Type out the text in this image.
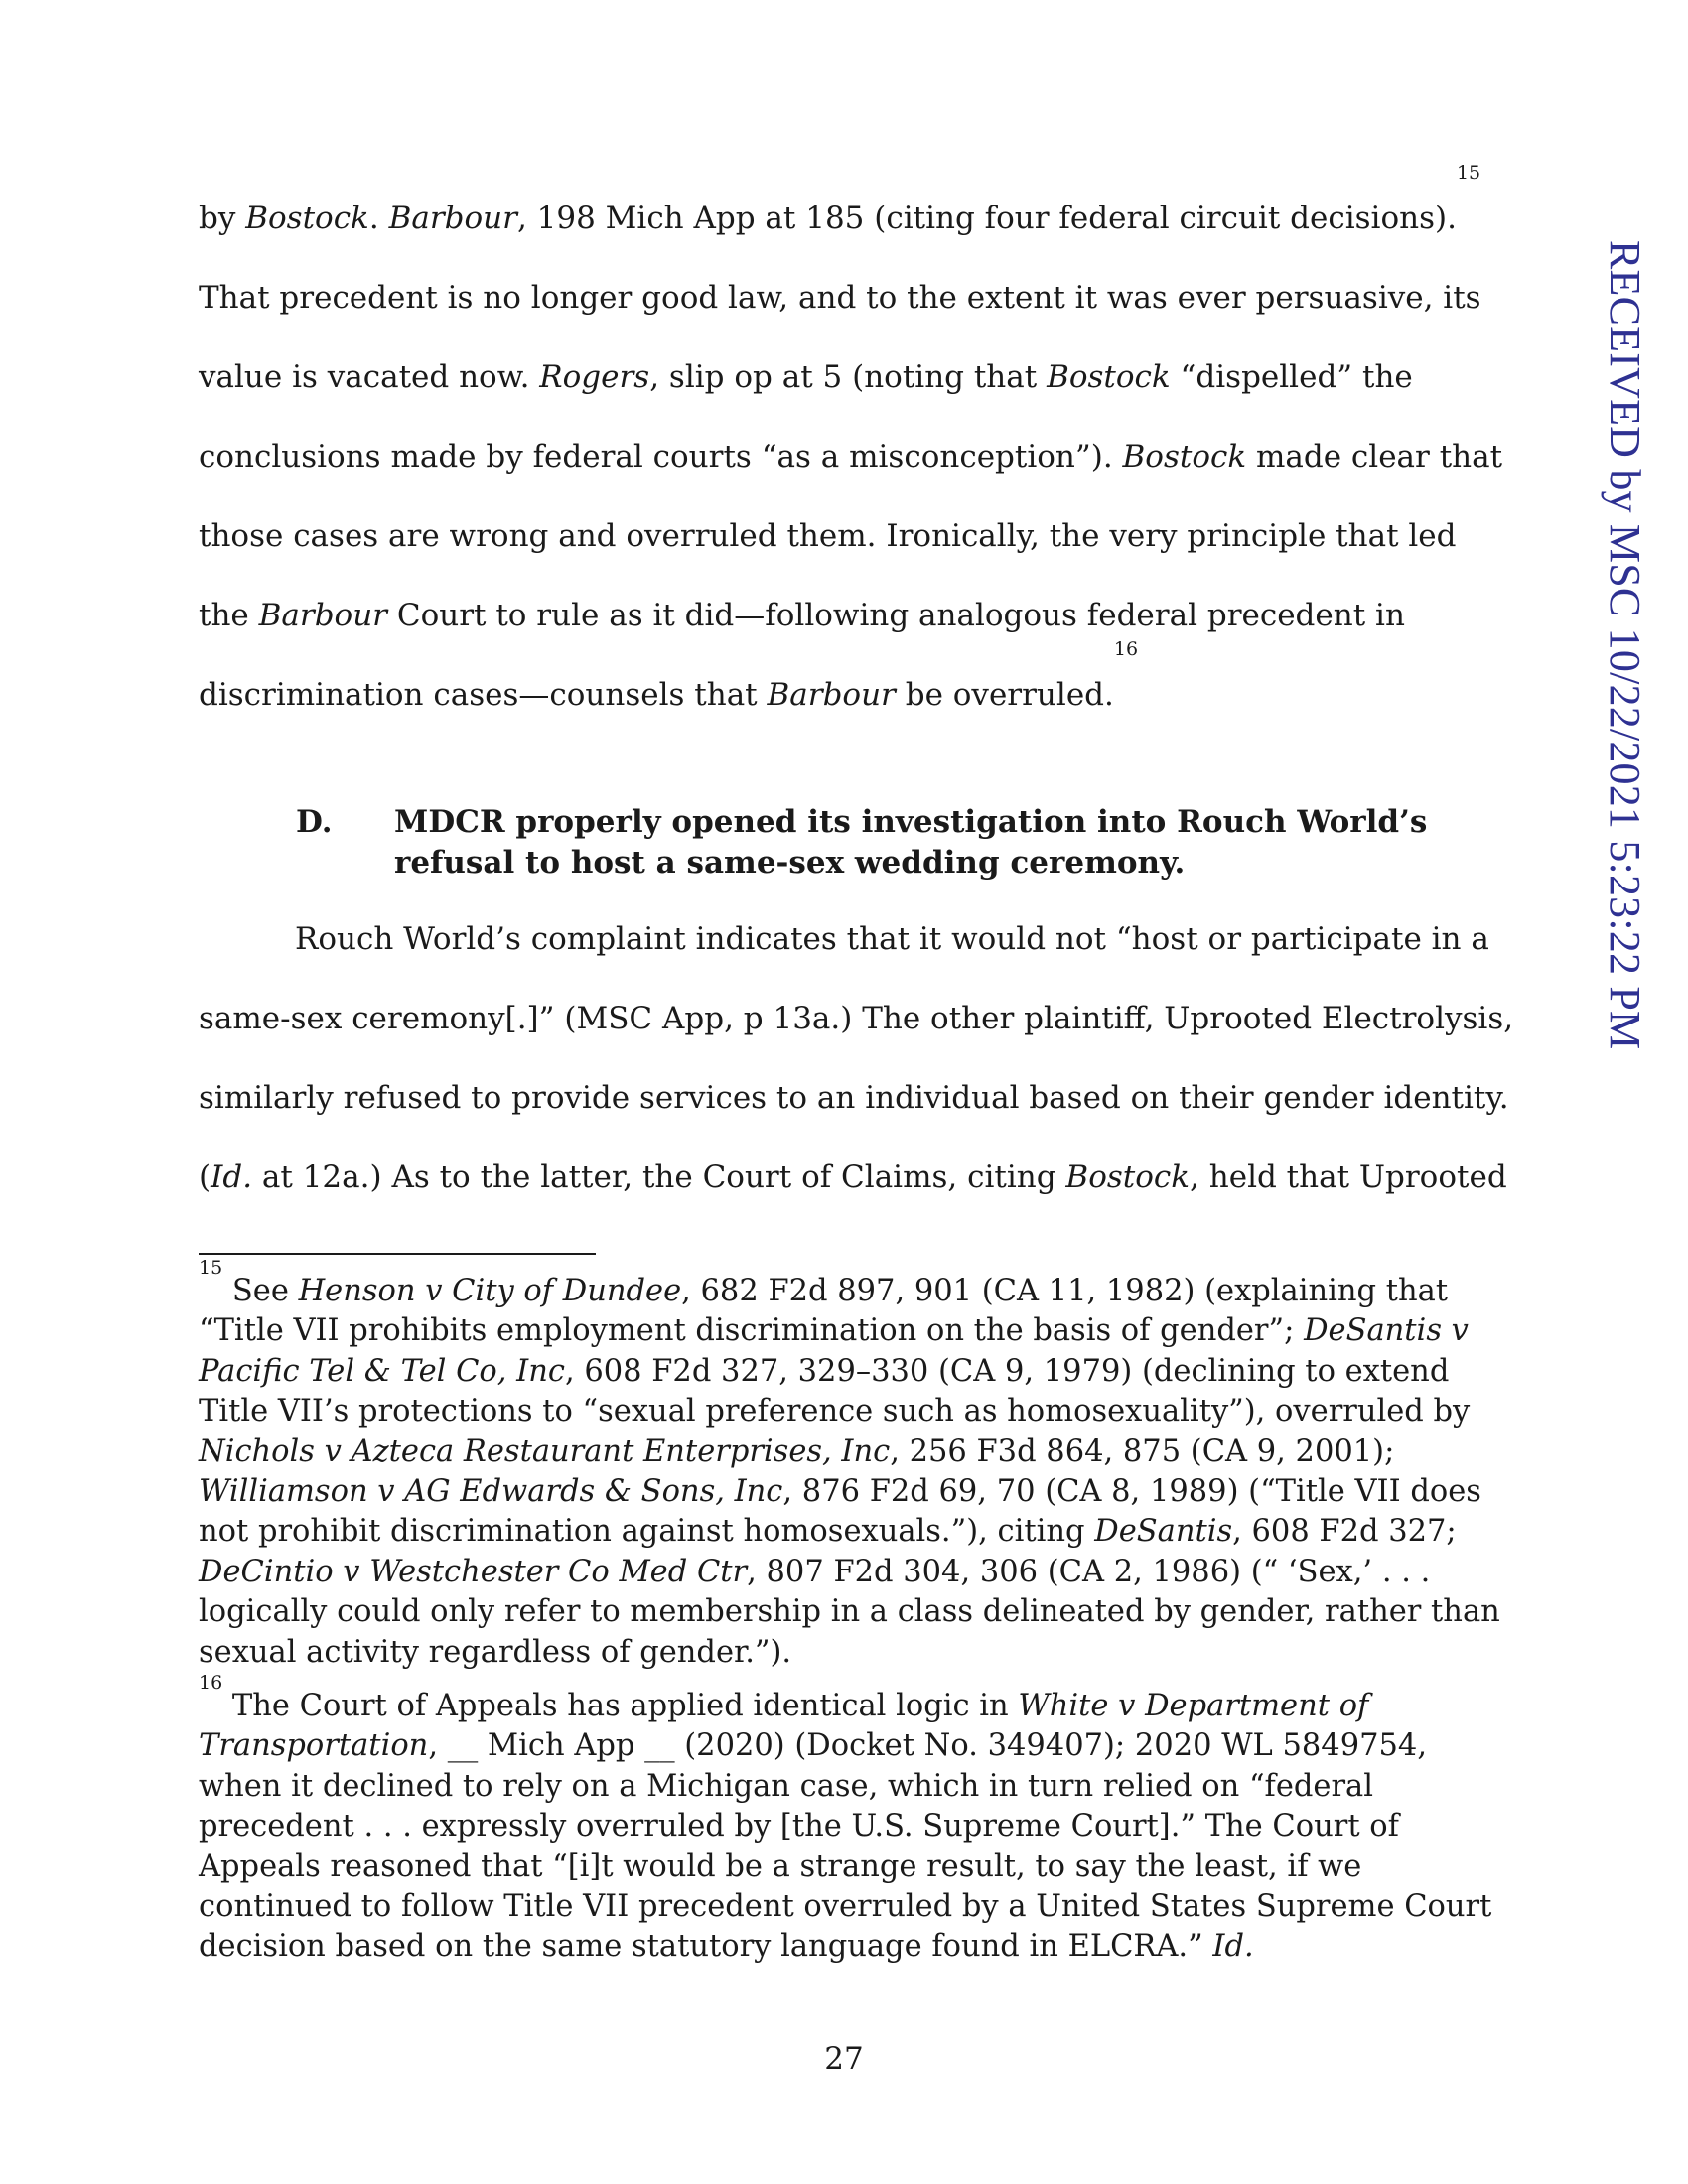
RECEIVED by MSC 10/22/2021 5:23:22 PM
by Bostock. Barbour, 198 Mich App at 185 (citing four federal circuit decisions).$^{15}$
That precedent is no longer good law, and to the extent it was ever persuasive, its
value is vacated now. Rogers, slip op at 5 (noting that Bostock “dispelled” the
conclusions made by federal courts “as a misconception”). Bostock made clear that
those cases are wrong and overruled them. Ironically, the very principle that led
the Barbour Court to rule as it did—following analogous federal precedent in
discrimination cases—counsels that Barbour be overruled.$^{16}$
D. MDCR properly opened its investigation into Rouch World’s
refusal to host a same-sex wedding ceremony.
Rouch World’s complaint indicates that it would not “host or participate in a
same-sex ceremony[.]” (MSC App, p 13a.) The other plaintiff, Uprooted Electrolysis,
similarly refused to provide services to an individual based on their gender identity.
(Id. at 12a.) As to the latter, the Court of Claims, citing Bostock, held that Uprooted
$^{15}$ See Henson v City of Dundee, 682 F2d 897, 901 (CA 11, 1982) (explaining that
“Title VII prohibits employment discrimination on the basis of gender”; DeSantis v
Pacific Tel & Tel Co, Inc, 608 F2d 327, 329–330 (CA 9, 1979) (declining to extend
Title VII’s protections to “sexual preference such as homosexuality”), overruled by
Nichols v Azteca Restaurant Enterprises, Inc, 256 F3d 864, 875 (CA 9, 2001);
Williamson v AG Edwards & Sons, Inc, 876 F2d 69, 70 (CA 8, 1989) (“Title VII does
not prohibit discrimination against homosexuals.”), citing DeSantis, 608 F2d 327;
DeCintio v Westchester Co Med Ctr, 807 F2d 304, 306 (CA 2, 1986) (“ ‘Sex,’ . . .
logically could only refer to membership in a class delineated by gender, rather than
sexual activity regardless of gender.”).
$^{16}$ The Court of Appeals has applied identical logic in White v Department of
Transportation, __ Mich App __ (2020) (Docket No. 349407); 2020 WL 5849754,
when it declined to rely on a Michigan case, which in turn relied on “federal
precedent . . . expressly overruled by [the U.S. Supreme Court].” The Court of
Appeals reasoned that “[i]t would be a strange result, to say the least, if we
continued to follow Title VII precedent overruled by a United States Supreme Court
decision based on the same statutory language found in ELCRA.” Id.
27
